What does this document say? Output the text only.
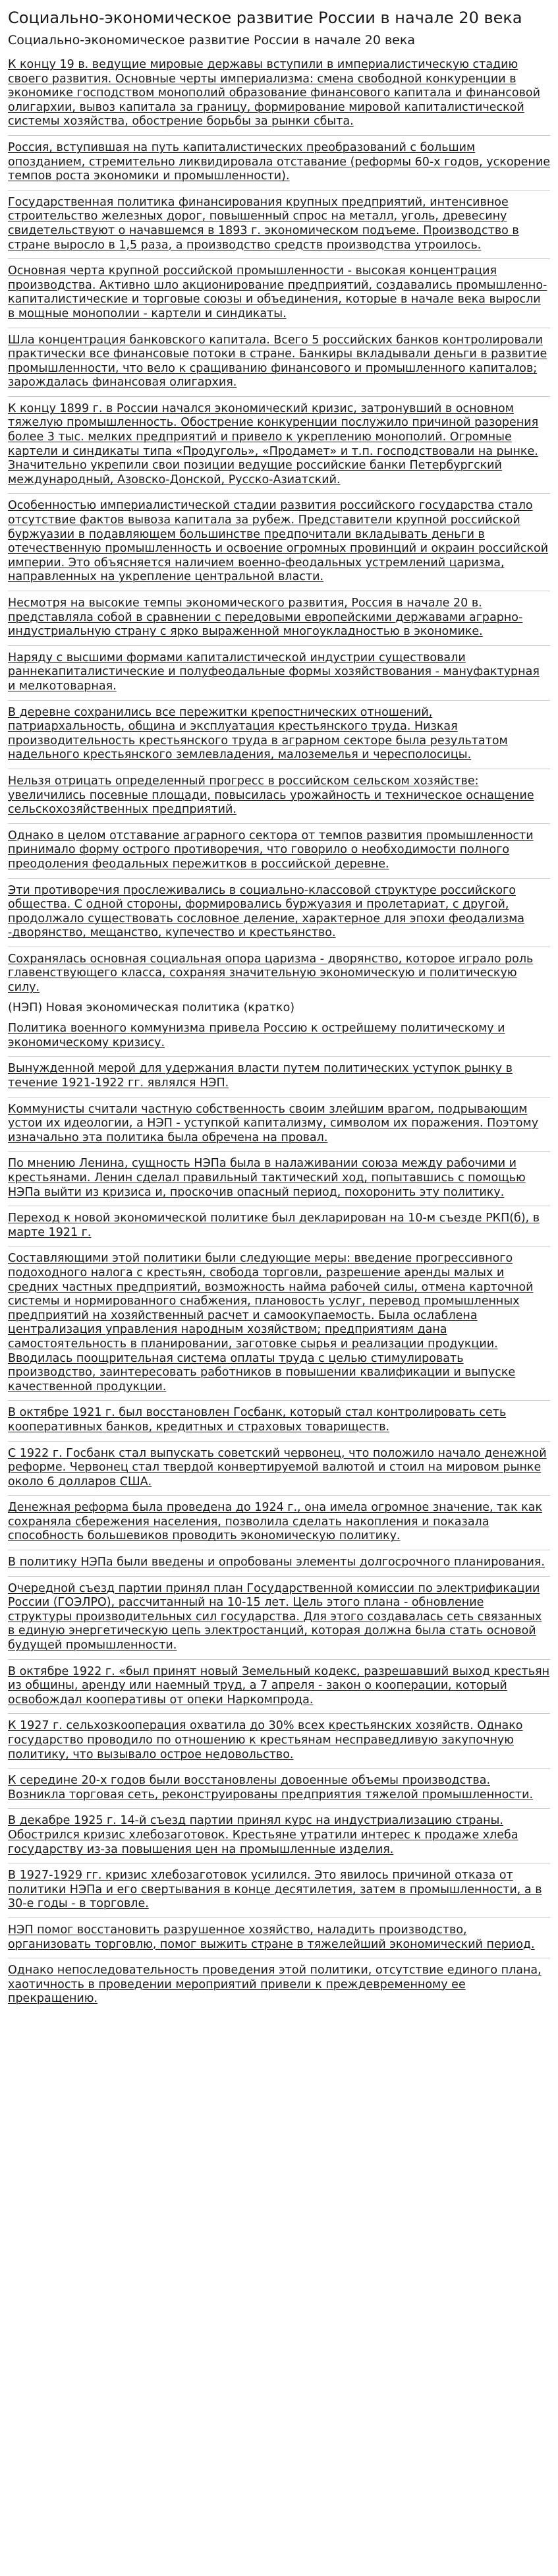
Социально-экономическое развитие России в начале 20 века
Социально-экономическое развитие России в начале 20 века

К концу 19 в. ведущие мировые державы вступили в империалистическую стадию своего развития. Основные черты империализма: смена свободной конкуренции в экономике господством монополий образование финансового капитала и финансовой олигархии, вывоз капитала за границу, формирование мировой капиталистической системы хозяйства, обострение борьбы за рынки сбыта.

Россия, вступившая на путь капиталистических преобразований с большим опозданием, стремительно ликвидировала отставание (реформы 60-х годов, ускорение темпов роста экономики и промышленности).

Государственная политика финансирования крупных предприятий, интенсивное строительство железных дорог, повышенный спрос на металл, уголь, древесину свидетельствуют о начавшемся в 1893 г. экономическом подъеме. Производство в стране выросло в 1,5 раза, а производство средств производства утроилось.

Основная черта крупной российской промышленности - высокая концентрация производства. Активно шло акционирование предприятий, создавались промышленно-капиталистические и торговые союзы и объединения, которые в начале века выросли в мощные монополии - картели и синдикаты.

Шла концентрация банковского капитала. Всего 5 российских банков контролировали практически все финансовые потоки в стране. Банкиры вкладывали деньги в развитие промышленности, что вело к сращиванию финансового и промышленного капиталов; зарождалась финансовая олигархия.

К концу 1899 г. в России начался экономический кризис, затронувший в основном тяжелую промышленность. Обострение конкуренции послужило причиной разорения более 3 тыс. мелких предприятий и привело к укреплению монополий. Огромные картели и синдикаты типа «Продуголь», «Продамет» и т.п. господствовали на рынке. Значительно укрепили свои позиции ведущие российские банки Петербургский международный, Азовско-Донской, Русско-Азиатский.

Особенностью империалистической стадии развития российского государства стало отсутствие фактов вывоза капитала за рубеж. Представители крупной российской буржуазии в подавляющем большинстве предпочитали вкладывать деньги в отечественную промышленность и освоение огромных провинций и окраин российской империи. Это объясняется наличием военно-феодальных устремлений царизма, направленных на укрепление центральной власти.

Несмотря на высокие темпы экономического развития, Россия в начале 20 в. представляла собой в сравнении с передовыми европейскими державами аграрно-индустриальную страну с ярко выраженной многоукладностью в экономике.

Наряду с высшими формами капиталистической индустрии существовали раннекапиталистические и полуфеодальные формы хозяйствования - мануфактурная и мелкотоварная.

В деревне сохранились все пережитки крепостнических отношений, патриархальность, община и эксплуатация крестьянского труда. Низкая производительность крестьянского труда в аграрном секторе была результатом надельного крестьянского землевладения, малоземелья и чересполосицы.

Нельзя отрицать определенный прогресс в российском сельском хозяйстве: увеличились посевные площади, повысилась урожайность и техническое оснащение сельскохозяйственных предприятий.

Однако в целом отставание аграрного сектора от темпов развития промышленности принимало форму острого противоречия, что говорило о необходимости полного преодоления феодальных пережитков в российской деревне.

Эти противоречия прослеживались в социально-классовой структуре российского общества. С одной стороны, формировались буржуазия и пролетариат, с другой, продолжало существовать сословное деление, характерное для эпохи феодализма -дворянство, мещанство, купечество и крестьянство.

Сохранялась основная социальная опора царизма - дворянство, которое играло роль главенствующего класса, сохраняя значительную экономическую и политическую силу.

(НЭП) Новая экономическая политика (кратко)

Политика военного коммунизма привела Россию к острейшему политическому и экономическому кризису.

Вынужденной мерой для удержания власти путем политических уступок рынку в течение 1921-1922 гг. являлся НЭП.

Коммунисты считали частную собственность своим злейшим врагом, подрывающим устои их идеологии, а НЭП - уступкой капитализму, символом их поражения. Поэтому изначально эта политика была обречена на провал.

По мнению Ленина, сущность НЭПа была в налаживании союза между рабочими и крестьянами. Ленин сделал правильный тактический ход, попытавшись с помощью НЭПа выйти из кризиса и, проскочив опасный период, похоронить эту политику.

Переход к новой экономической политике был декларирован на 10-м съезде РКП(б), в марте 1921 г.

Составляющими этой политики были следующие меры: введение прогрессивного подоходного налога с крестьян, свобода торговли, разрешение аренды малых и средних частных предприятий, возможность найма рабочей силы, отмена карточной системы и нормированного снабжения, плановость услуг, перевод промышленных предприятий на хозяйственный расчет и самоокупаемость. Была ослаблена централизация управления народным хозяйством; предприятиям дана самостоятельность в планировании, заготовке сырья и реализации продукции. Вводилась поощрительная система оплаты труда с целью стимулировать производство, заинтересовать работников в повышении квалификации и выпуске качественной продукции.

В октябре 1921 г. был восстановлен Госбанк, который стал контролировать сеть кооперативных банков, кредитных и страховых товариществ.

С 1922 г. Госбанк стал выпускать советский червонец, что положило начало денежной реформе. Червонец стал твердой конвертируемой валютой и стоил на мировом рынке около 6 долларов США.

Денежная реформа была проведена до 1924 г., она имела огромное значение, так как сохраняла сбережения населения, позволила сделать накопления и показала способность большевиков проводить экономическую политику.

В политику НЭПа были введены и опробованы элементы долгосрочного планирования.

Очередной съезд партии принял план Государственной комиссии по электрификации России (ГОЭЛРО), рассчитанный на 10-15 лет. Цель этого плана - обновление структуры производительных сил государства. Для этого создавалась сеть связанных в единую энергетическую цепь электростанций, которая должна была стать основой будущей промышленности.

В октябре 1922 г. «был принят новый Земельный кодекс, разрешавший выход крестьян из общины, аренду или наемный труд, а 7 апреля - закон о кооперации, который освобождал кооперативы от опеки Наркомпрода.

К 1927 г. сельхозкооперация охватила до 30% всех крестьянских хозяйств. Однако государство проводило по отношению к крестьянам несправедливую закупочную политику, что вызывало острое недовольство.

К середине 20-х годов были восстановлены довоенные объемы производства. Возникла торговая сеть, реконструированы предприятия тяжелой промышленности.

В декабре 1925 г. 14-й съезд партии принял курс на индустриализацию страны. Обострился кризис хлебозаготовок. Крестьяне утратили интерес к продаже хлеба государству из-за повышения цен на промышленные изделия.

В 1927-1929 гг. кризис хлебозаготовок усилился. Это явилось причиной отказа от политики НЭПа и его свертывания в конце десятилетия, затем в промышленности, а в 30-е годы - в торговле.

НЭП помог восстановить разрушенное хозяйство, наладить производство, организовать торговлю, помог выжить стране в тяжелейший экономический период.

Однако непоследовательность проведения этой политики, отсутствие единого плана, хаотичность в проведении мероприятий привели к преждевременному ее прекращению.
